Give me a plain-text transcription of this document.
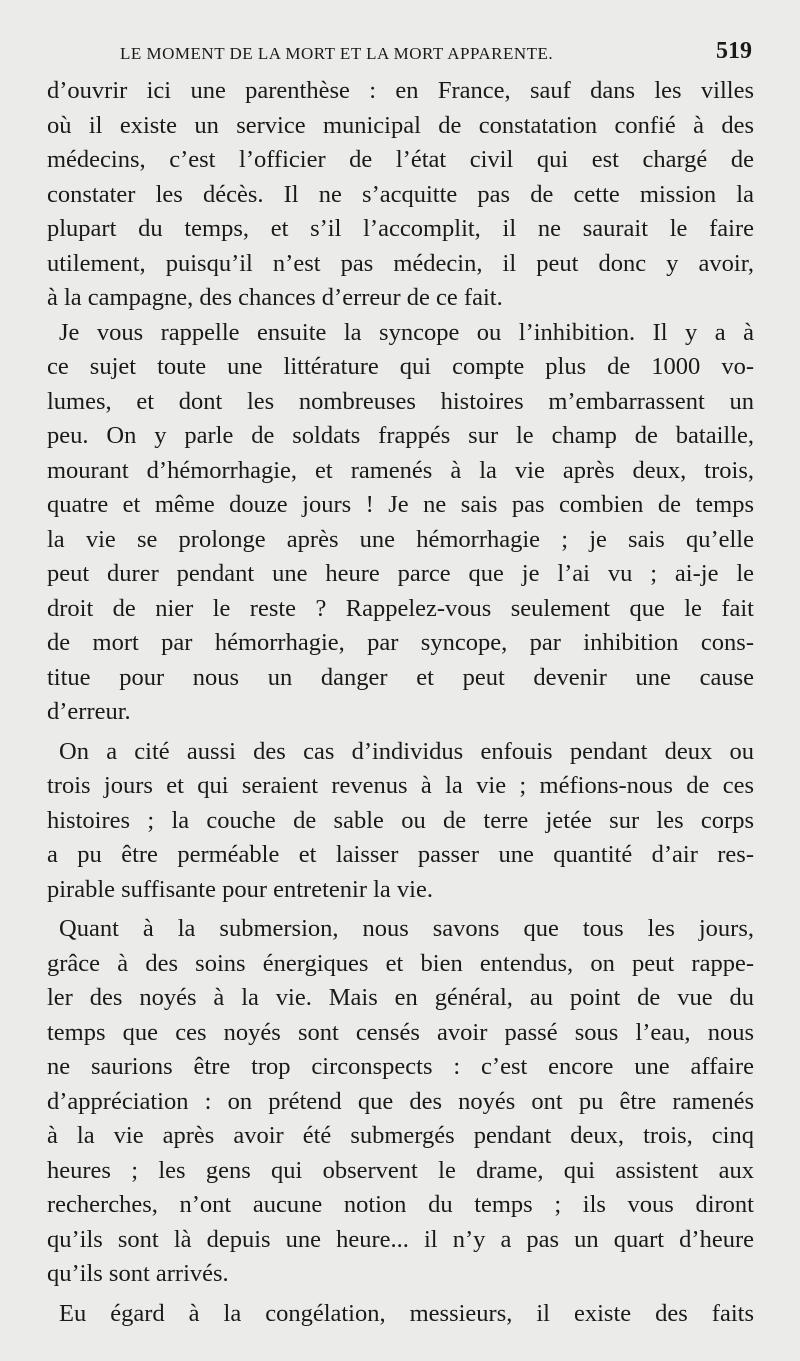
LE MOMENT DE LA MORT ET LA MORT APPARENTE.	519
d’ouvrir ici une parenthèse : en France, sauf dans les villes
où il existe un service municipal de constatation confié à des
médecins, c’est l’officier de l’état civil qui est chargé de
constater les décès. Il ne s’acquitte pas de cette mission la
plupart du temps, et s’il l’accomplit, il ne saurait le faire
utilement, puisqu’il n’est pas médecin, il peut donc y avoir,
à la campagne, des chances d’erreur de ce fait.
Je vous rappelle ensuite la syncope ou l’inhibition. Il y a à
ce sujet toute une littérature qui compte plus de 1000 vo-
lumes, et dont les nombreuses histoires m’embarrassent un
peu. On y parle de soldats frappés sur le champ de bataille,
mourant d’hémorrhagie, et ramenés à la vie après deux, trois,
quatre et même douze jours ! Je ne sais pas combien de temps
la vie se prolonge après une hémorrhagie ; je sais qu’elle
peut durer pendant une heure parce que je l’ai vu ; ai-je le
droit de nier le reste ? Rappelez-vous seulement que le fait
de mort par hémorrhagie, par syncope, par inhibition cons-
titue pour nous un danger et peut devenir une cause
d’erreur.
On a cité aussi des cas d’individus enfouis pendant deux ou
trois jours et qui seraient revenus à la vie ; méfions-nous de ces
histoires ; la couche de sable ou de terre jetée sur les corps
a pu être perméable et laisser passer une quantité d’air res-
pirable suffisante pour entretenir la vie.
Quant à la submersion, nous savons que tous les jours,
grâce à des soins énergiques et bien entendus, on peut rappe-
ler des noyés à la vie. Mais en général, au point de vue du
temps que ces noyés sont censés avoir passé sous l’eau, nous
ne saurions être trop circonspects : c’est encore une affaire
d’appréciation : on prétend que des noyés ont pu être ramenés
à la vie après avoir été submergés pendant deux, trois, cinq
heures ; les gens qui observent le drame, qui assistent aux
recherches, n’ont aucune notion du temps ; ils vous diront
qu’ils sont là depuis une heure... il n’y a pas un quart d’heure
qu’ils sont arrivés.
Eu égard à la congélation, messieurs, il existe des faits
